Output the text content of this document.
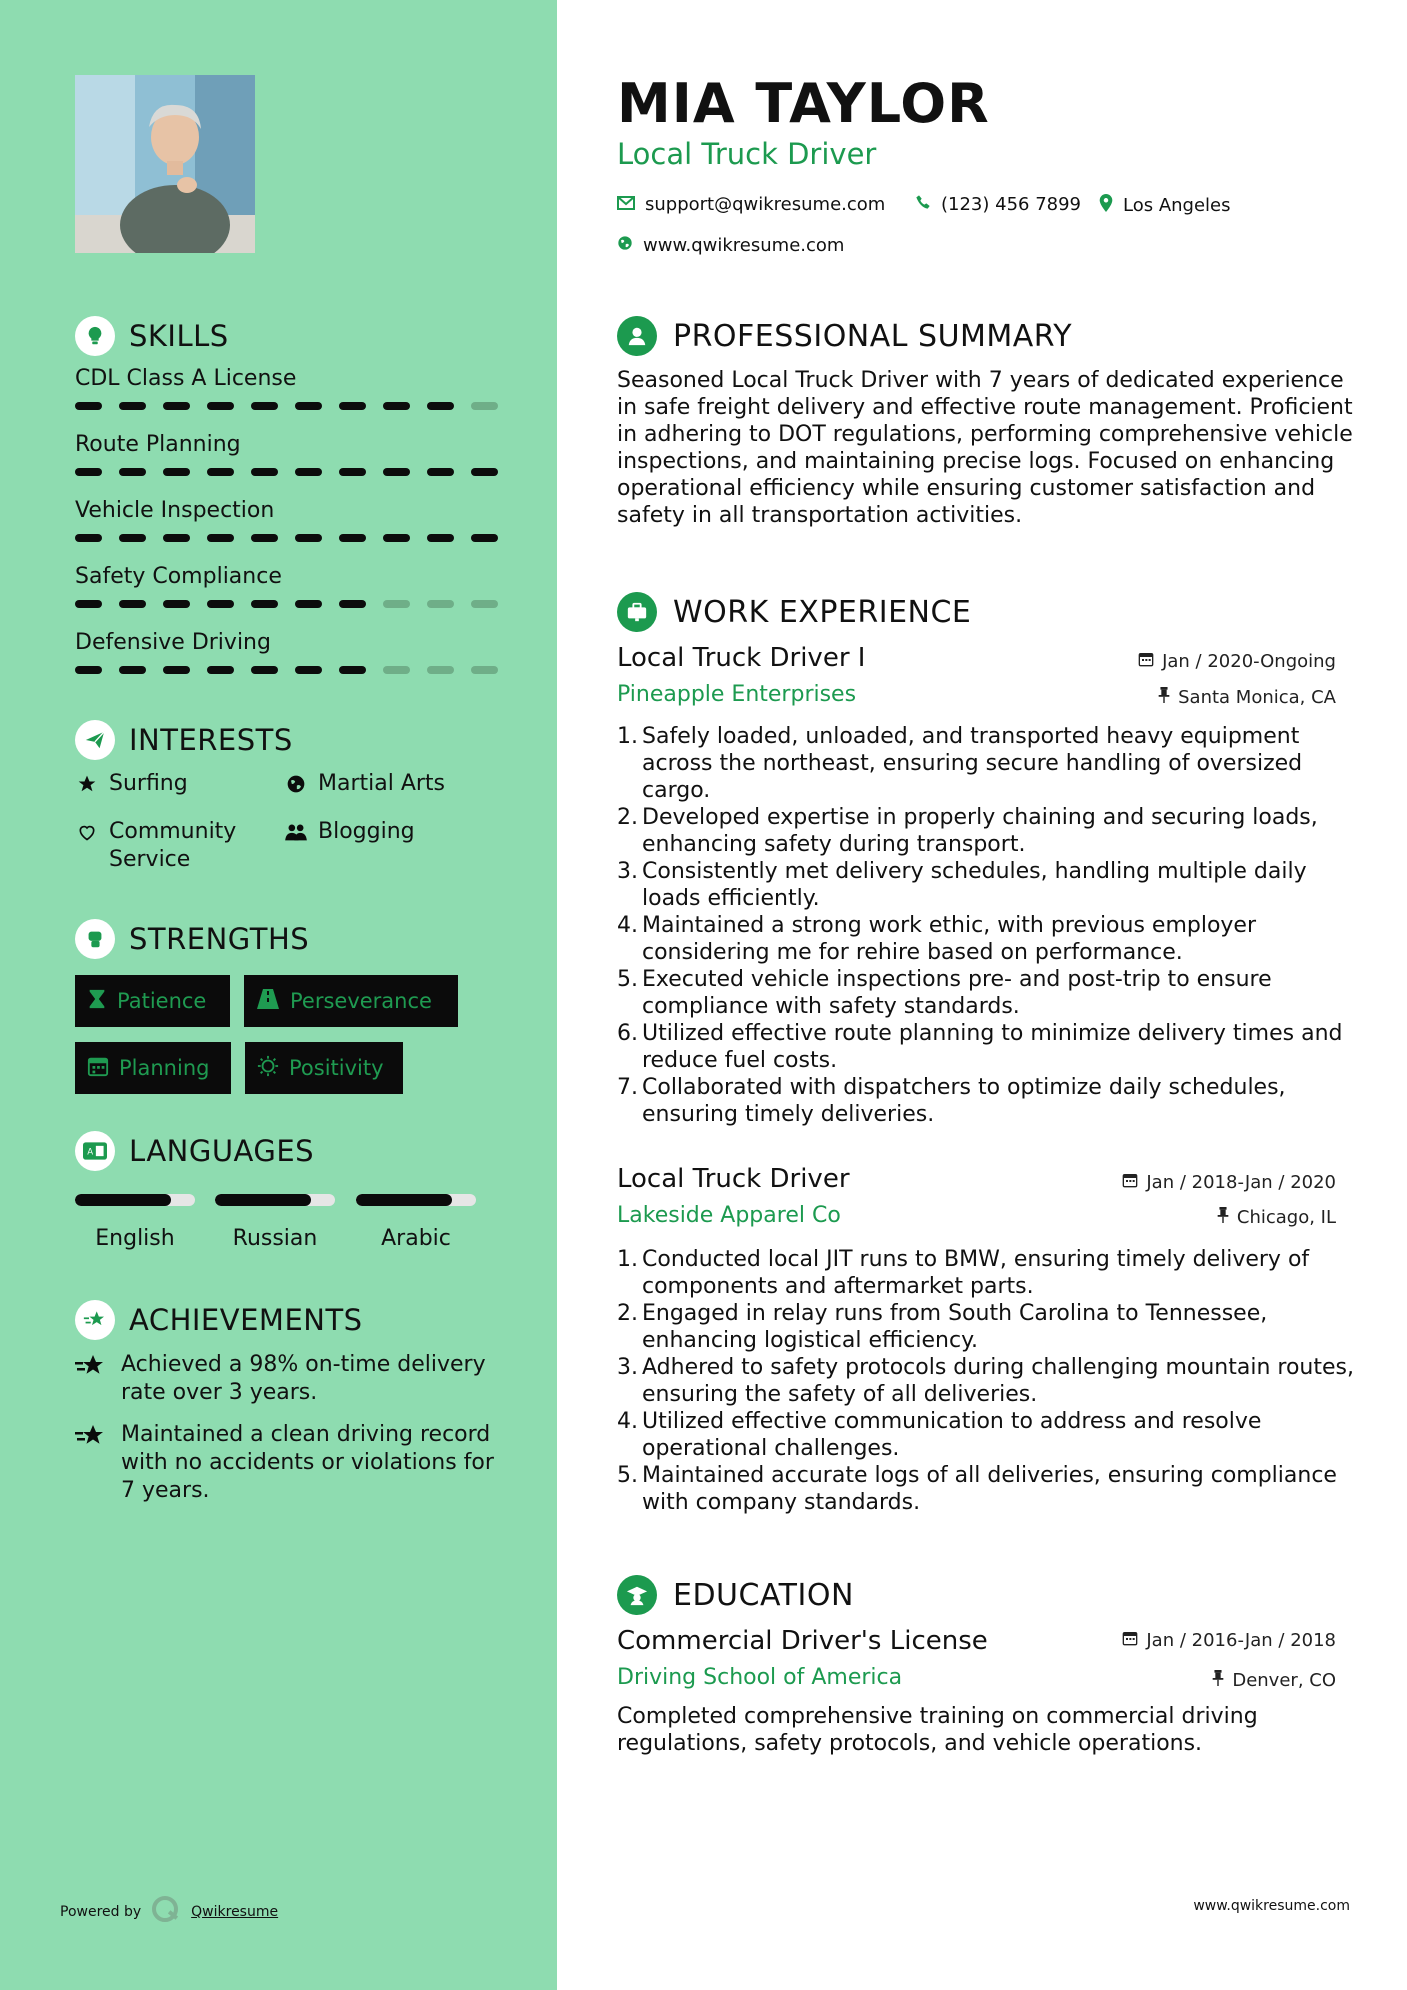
SKILLS
CDL Class A License
Route Planning
Vehicle Inspection
Safety Compliance
Defensive Driving
INTERESTS
Surfing	Martial Arts
Community Service
Blogging
STRENGTHS
Patience	Perseverance
Planning	Positivity
A LANGUAGES
English	Russian	Arabic
ACHIEVEMENTS
Achieved a 98% on-time delivery rate over 3 years.
Maintained a clean driving record with no accidents or violations for 7 years.
Powered by	Qwikresume
MIA TAYLOR
Local Truck Driver
support@qwikresume.com	(123) 456 7899 Los Angeles
www.qwikresume.com
PROFESSIONAL SUMMARY
Seasoned Local Truck Driver with 7 years of dedicated experience in safe freight delivery and effective route management. Proficient in adhering to DOT regulations, performing comprehensive vehicle inspections, and maintaining precise logs. Focused on enhancing operational efficiency while ensuring customer satisfaction and safety in all transportation activities.
WORK EXPERIENCE
Local Truck Driver I	Jan / 2020-Ongoing
Pineapple Enterprises	Santa Monica, CA
1. Safely loaded, unloaded, and transported heavy equipment across the northeast, ensuring secure handling of oversized cargo.
2. Developed expertise in properly chaining and securing loads, enhancing safety during transport.
3. Consistently met delivery schedules, handling multiple daily loads efficiently.
4. Maintained a strong work ethic, with previous employer considering me for rehire based on performance.
5. Executed vehicle inspections pre- and post-trip to ensure compliance with safety standards.
6. Utilized effective route planning to minimize delivery times and reduce fuel costs.
7. Collaborated with dispatchers to optimize daily schedules, ensuring timely deliveries.
Local Truck Driver	Jan / 2018-Jan / 2020
Lakeside Apparel Co	Chicago, IL
1. Conducted local JIT runs to BMW, ensuring timely delivery of components and aftermarket parts.
2. Engaged in relay runs from South Carolina to Tennessee, enhancing logistical efficiency.
3. Adhered to safety protocols during challenging mountain routes, ensuring the safety of all deliveries.
4. Utilized effective communication to address and resolve operational challenges.
5. Maintained accurate logs of all deliveries, ensuring compliance with company standards.
EDUCATION
Commercial Driver's License	Jan / 2016-Jan / 2018
Driving School of America	Denver, CO
Completed comprehensive training on commercial driving regulations, safety protocols, and vehicle operations.
www.qwikresume.com
